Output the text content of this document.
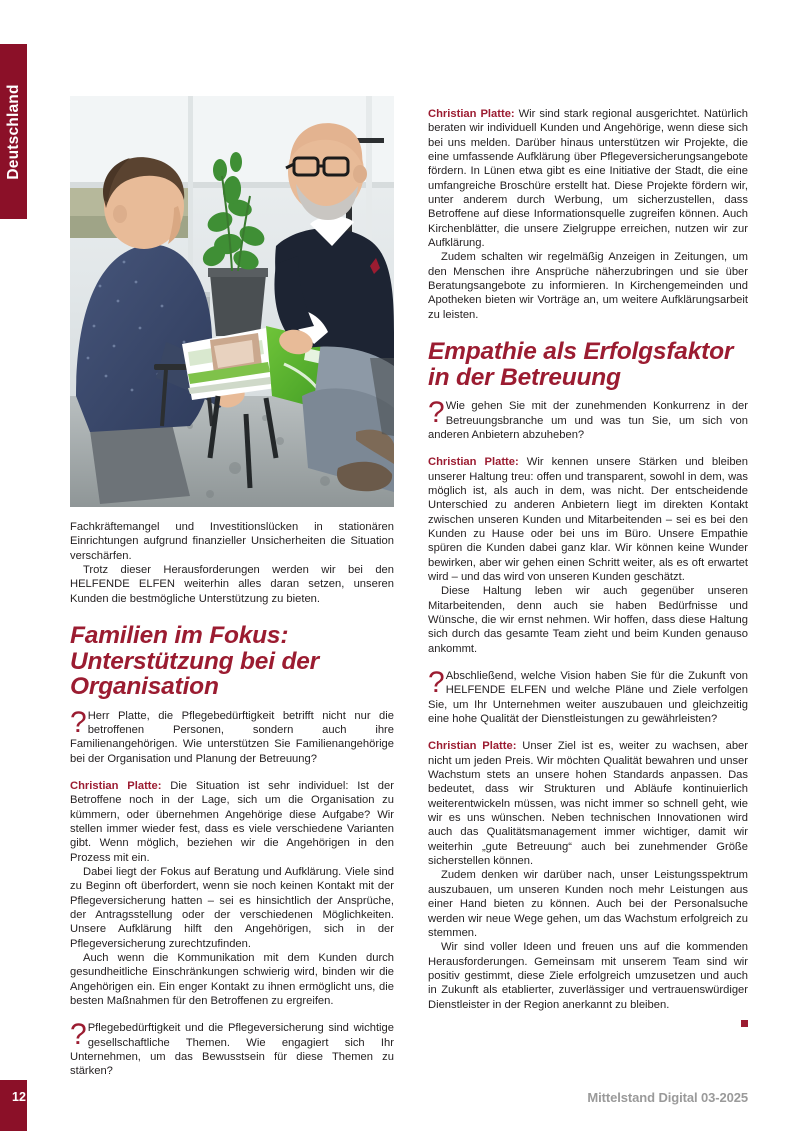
Deutschland

Fachkräftemangel und Investitionslücken in stationären Einrichtungen aufgrund finanzieller Unsicherheiten die Situation verschärfen.

Trotz dieser Herausforderungen werden wir bei den HELFENDE ELFEN weiterhin alles daran setzen, unseren Kunden die bestmögliche Unterstützung zu bieten.

Familien im Fokus: Unterstützung bei der Organisation
? Herr Platte, die Pflegebedürftigkeit betrifft nicht nur die betroffenen Personen, sondern auch ihre Familienangehörigen. Wie unterstützen Sie Familienangehörige bei der Organisation und Planung der Betreuung?

Christian Platte: Die Situation ist sehr individuel: Ist der Betroffene noch in der Lage, sich um die Organisation zu kümmern, oder übernehmen Angehörige diese Aufgabe? Wir stellen immer wieder fest, dass es viele verschiedene Varianten gibt. Wenn möglich, beziehen wir die Angehörigen in den Prozess mit ein.

Dabei liegt der Fokus auf Beratung und Aufklärung. Viele sind zu Beginn oft überfordert, wenn sie noch keinen Kontakt mit der Pflegeversicherung hatten – sei es hinsichtlich der Ansprüche, der Antragsstellung oder der verschiedenen Möglichkeiten. Unsere Aufklärung hilft den Angehörigen, sich in der Pflegeversicherung zurechtzufinden.

Auch wenn die Kommunikation mit dem Kunden durch gesundheitliche Einschränkungen schwierig wird, binden wir die Angehörigen ein. Ein enger Kontakt zu ihnen ermöglicht uns, die besten Maßnahmen für den Betroffenen zu ergreifen.

? Pflegebedürftigkeit und die Pflegeversicherung sind wichtige gesellschaftliche Themen. Wie engagiert sich Ihr Unternehmen, um das Bewusstsein für diese Themen zu stärken?

Christian Platte: Wir sind stark regional ausgerichtet. Natürlich beraten wir individuell Kunden und Angehörige, wenn diese sich bei uns melden. Darüber hinaus unterstützen wir Projekte, die eine umfassende Aufklärung über Pflegeversicherungsangebote fördern. In Lünen etwa gibt es eine Initiative der Stadt, die eine umfangreiche Broschüre erstellt hat. Diese Projekte fördern wir, unter anderem durch Werbung, um sicherzustellen, dass Betroffene auf diese Informationsquelle zugreifen können. Auch Kirchenblätter, die unsere Zielgruppe erreichen, nutzen wir zur Aufklärung.

Zudem schalten wir regelmäßig Anzeigen in Zeitungen, um den Menschen ihre Ansprüche näherzubringen und sie über Beratungsangebote zu informieren. In Kirchengemeinden und Apotheken bieten wir Vorträge an, um weitere Aufklärungsarbeit zu leisten.

Empathie als Erfolgsfaktor in der Betreuung
? Wie gehen Sie mit der zunehmenden Konkurrenz in der Betreuungsbranche um und was tun Sie, um sich von anderen Anbietern abzuheben?

Christian Platte: Wir kennen unsere Stärken und bleiben unserer Haltung treu: offen und transparent, sowohl in dem, was möglich ist, als auch in dem, was nicht. Der entscheidende Unterschied zu anderen Anbietern liegt im direkten Kontakt zwischen unseren Kunden und Mitarbeitenden – sei es bei den Kunden zu Hause oder bei uns im Büro. Unsere Empathie spüren die Kunden dabei ganz klar. Wir können keine Wunder bewirken, aber wir gehen einen Schritt weiter, als es oft erwartet wird – und das wird von unseren Kunden geschätzt.

Diese Haltung leben wir auch gegenüber unseren Mitarbeitenden, denn auch sie haben Bedürfnisse und Wünsche, die wir ernst nehmen. Wir hoffen, dass diese Haltung sich durch das gesamte Team zieht und beim Kunden genauso ankommt.

? Abschließend, welche Vision haben Sie für die Zukunft von HELFENDE ELFEN und welche Pläne und Ziele verfolgen Sie, um Ihr Unternehmen weiter auszubauen und gleichzeitig eine hohe Qualität der Dienstleistungen zu gewährleisten?

Christian Platte: Unser Ziel ist es, weiter zu wachsen, aber nicht um jeden Preis. Wir möchten Qualität bewahren und unser Wachstum stets an unsere hohen Standards anpassen. Das bedeutet, dass wir Strukturen und Abläufe kontinuierlich weiterentwickeln müssen, was nicht immer so schnell geht, wie wir es uns wünschen. Neben technischen Innovationen wird auch das Qualitätsmanagement immer wichtiger, damit wir weiterhin „gute Betreuung“ auch bei zunehmender Größe sicherstellen können.

Zudem denken wir darüber nach, unser Leistungsspektrum auszubauen, um unseren Kunden noch mehr Leistungen aus einer Hand bieten zu können. Auch bei der Personalsuche werden wir neue Wege gehen, um das Wachstum erfolgreich zu stemmen.

Wir sind voller Ideen und freuen uns auf die kommenden Herausforderungen. Gemeinsam mit unserem Team sind wir positiv gestimmt, diese Ziele erfolgreich umzusetzen und auch in Zukunft als etablierter, zuverlässiger und vertrauenswürdiger Dienstleister in der Region anerkannt zu bleiben.

12	Mittelstand Digital 03-2025
